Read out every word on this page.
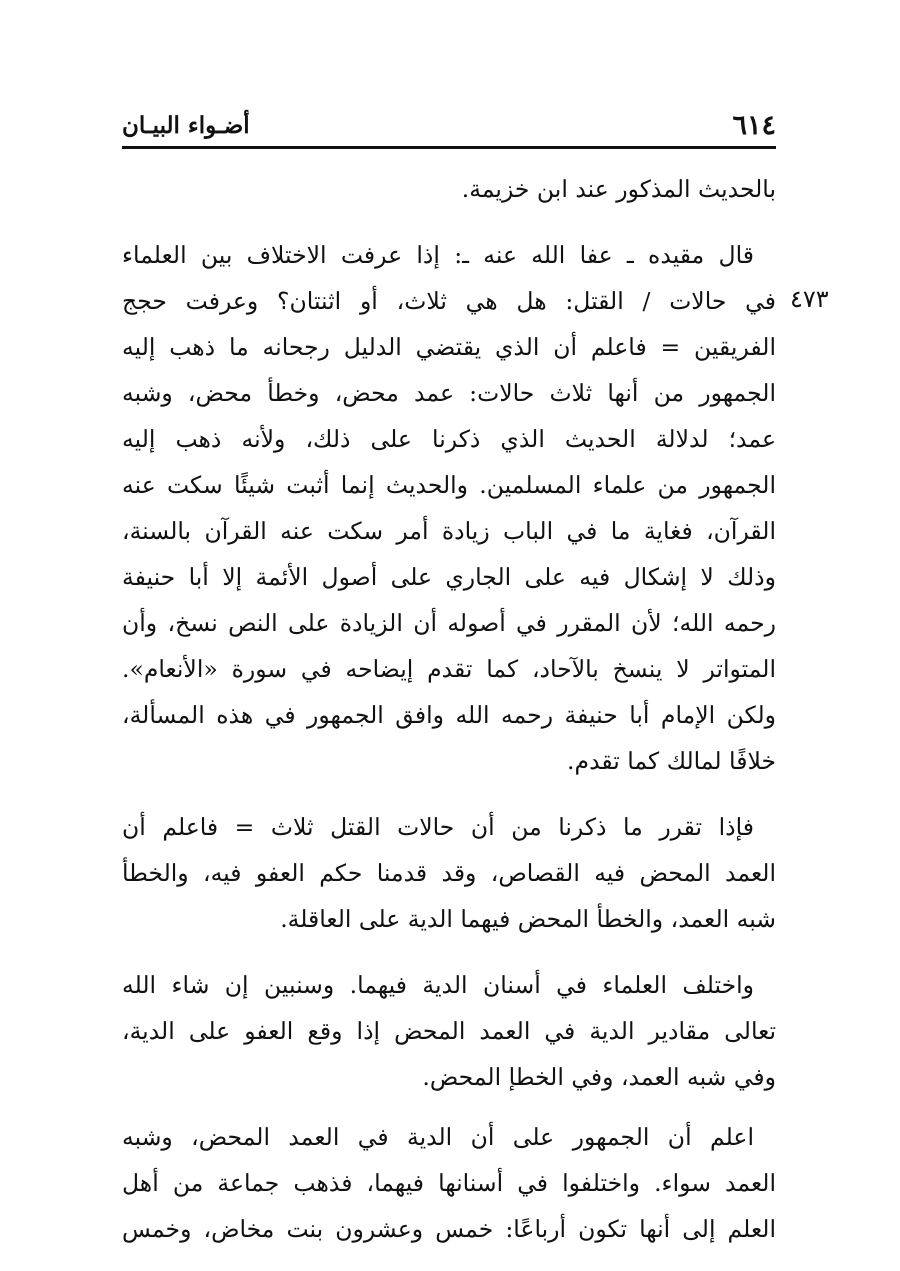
٦١٤
أضـواء البيـان
٤٧٣

بالحديث المذكور عند ابن خزيمة.

قال مقيده ـ عفا الله عنه ـ: إذا عرفت الاختلاف بين العلماء
في حالات / القتل: هل هي ثلاث، أو اثنتان؟ وعرفت حجج
الفريقين = فاعلم أن الذي يقتضي الدليل رجحانه ما ذهب إليه
الجمهور من أنها ثلاث حالات: عمد محض، وخطأ محض، وشبه
عمد؛ لدلالة الحديث الذي ذكرنا على ذلك، ولأنه ذهب إليه
الجمهور من علماء المسلمين. والحديث إنما أثبت شيئًا سكت عنه
القرآن، فغاية ما في الباب زيادة أمر سكت عنه القرآن بالسنة،
وذلك لا إشكال فيه على الجاري على أصول الأئمة إلا أبا حنيفة
رحمه الله؛ لأن المقرر في أصوله أن الزيادة على النص نسخ، وأن
المتواتر لا ينسخ بالآحاد، كما تقدم إيضاحه في سورة «الأنعام».
ولكن الإمام أبا حنيفة رحمه الله وافق الجمهور في هذه المسألة،
خلافًا لمالك كما تقدم.

فإذا تقرر ما ذكرنا من أن حالات القتل ثلاث = فاعلم أن
العمد المحض فيه القصاص، وقد قدمنا حكم العفو فيه، والخطأ
شبه العمد، والخطأ المحض فيهما الدية على العاقلة.

واختلف العلماء في أسنان الدية فيهما. وسنبين إن شاء الله
تعالى مقادير الدية في العمد المحض إذا وقع العفو على الدية،
وفي شبه العمد، وفي الخطإ المحض.

اعلم أن الجمهور على أن الدية في العمد المحض، وشبه
العمد سواء. واختلفوا في أسنانها فيهما، فذهب جماعة من أهل
العلم إلى أنها تكون أرباعًا: خمس وعشرون بنت مخاض، وخمس
